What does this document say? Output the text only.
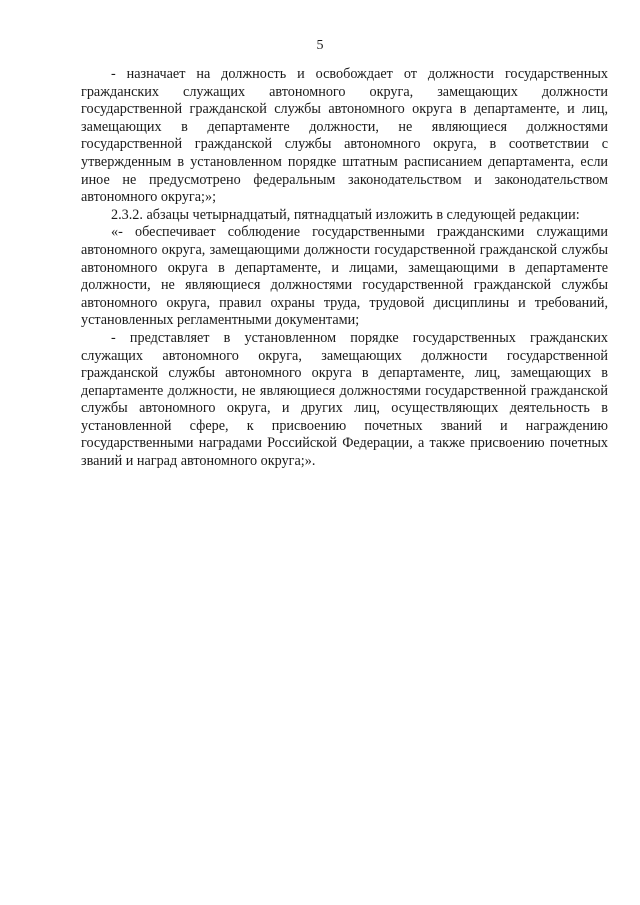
5

- назначает на должность и освобождает от должности государственных гражданских служащих автономного округа, замещающих должности государственной гражданской службы автономного округа в департаменте, и лиц, замещающих в департаменте должности, не являющиеся должностями государственной гражданской службы автономного округа, в соответствии с утвержденным в установленном порядке штатным расписанием департамента, если иное не предусмотрено федеральным законодательством и законодательством автономного округа;»;

2.3.2. абзацы четырнадцатый, пятнадцатый изложить в следующей редакции:

«- обеспечивает соблюдение государственными гражданскими служащими автономного округа, замещающими должности государственной гражданской службы автономного округа в департаменте, и лицами, замещающими в департаменте должности, не являющиеся должностями государственной гражданской службы автономного округа, правил охраны труда, трудовой дисциплины и требований, установленных регламентными документами;

- представляет в установленном порядке государственных гражданских служащих автономного округа, замещающих должности государственной гражданской службы автономного округа в департаменте, лиц, замещающих в департаменте должности, не являющиеся должностями государственной гражданской службы автономного округа, и других лиц, осуществляющих деятельность в установленной сфере, к присвоению почетных званий и награждению государственными наградами Российской Федерации, а также присвоению почетных званий и наград автономного округа;».
